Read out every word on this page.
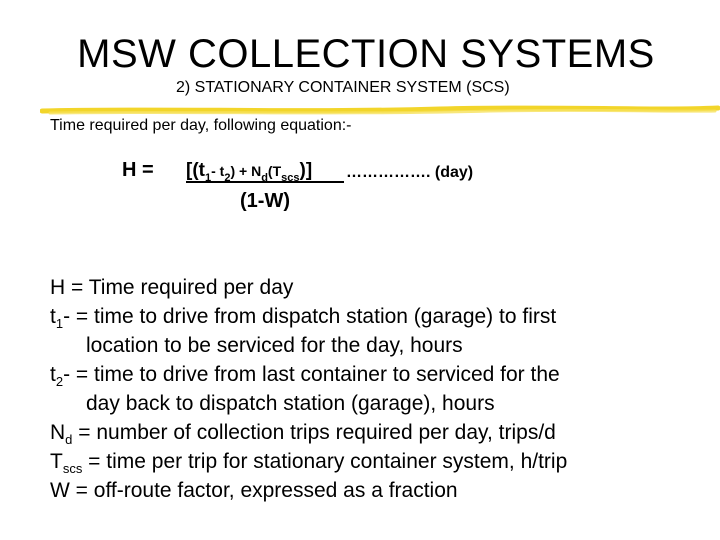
MSW COLLECTION SYSTEMS
2) STATIONARY CONTAINER SYSTEM (SCS)
Time required per day, following equation:-
$H = [(t_1-$ $t_2) + N_d(T_{scs})$] ……………. (day)
(1-W)
H = Time required per day
$t_1-$ = time to drive from dispatch station (garage) to first
location to be serviced for the day, hours
$t_2-$ = time to drive from last container to serviced for the
day back to dispatch station (garage), hours
$N_d$ = number of collection trips required per day, trips/d
$T_{scs}$ = time per trip for stationary container system, h/trip
W = off-route factor, expressed as a fraction
